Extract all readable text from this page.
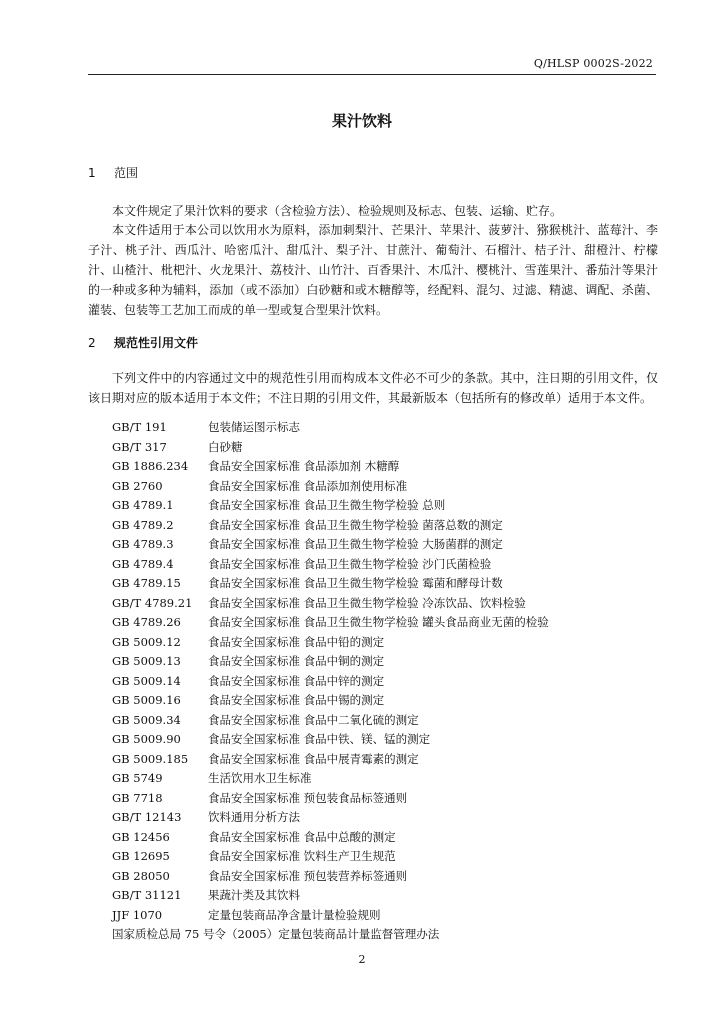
Q/HLSP 0002S-2022
果汁饮料
1 范围

本文件规定了果汁饮料的要求（含检验方法）、检验规则及标志、包装、运输、贮存。

本文件适用于本公司以饮用水为原料，添加刺梨汁、芒果汁、苹果汁、菠萝汁、猕猴桃汁、蓝莓汁、李子汁、桃子汁、西瓜汁、哈密瓜汁、甜瓜汁、梨子汁、甘蔗汁、葡萄汁、石榴汁、桔子汁、甜橙汁、柠檬汁、山楂汁、枇杷汁、火龙果汁、荔枝汁、山竹汁、百香果汁、木瓜汁、樱桃汁、雪莲果汁、番茄汁等果汁的一种或多种为辅料，添加（或不添加）白砂糖和或木糖醇等，经配料、混匀、过滤、精滤、调配、杀菌、灌装、包装等工艺加工而成的单一型或复合型果汁饮料。

2 规范性引用文件

下列文件中的内容通过文中的规范性引用而构成本文件必不可少的条款。其中，注日期的引用文件，仅该日期对应的版本适用于本文件；不注日期的引用文件，其最新版本（包括所有的修改单）适用于本文件。

GB/T 191	包装储运图示标志
GB/T 317	白砂糖
GB 1886.234 食品安全国家标准 食品添加剂 木糖醇
GB 2760	食品安全国家标准 食品添加剂使用标准
GB 4789.1	食品安全国家标准 食品卫生微生物学检验 总则
GB 4789.2	食品安全国家标准 食品卫生微生物学检验 菌落总数的测定
GB 4789.3	食品安全国家标准 食品卫生微生物学检验 大肠菌群的测定
GB 4789.4	食品安全国家标准 食品卫生微生物学检验 沙门氏菌检验
GB 4789.15 食品安全国家标准 食品卫生微生物学检验 霉菌和酵母计数
GB/T 4789.21 食品安全国家标准 食品卫生微生物学检验 冷冻饮品、饮料检验
GB 4789.26 食品安全国家标准 食品卫生微生物学检验 罐头食品商业无菌的检验
GB 5009.12 食品安全国家标准 食品中铅的测定
GB 5009.13 食品安全国家标准 食品中铜的测定
GB 5009.14 食品安全国家标准 食品中锌的测定
GB 5009.16 食品安全国家标准 食品中锡的测定
GB 5009.34 食品安全国家标准 食品中二氧化硫的测定
GB 5009.90 食品安全国家标准 食品中铁、镁、锰的测定
GB 5009.185 食品安全国家标准 食品中展青霉素的测定
GB 5749	生活饮用水卫生标准
GB 7718	食品安全国家标准 预包装食品标签通则
GB/T 12143 饮料通用分析方法
GB 12456	食品安全国家标准 食品中总酸的测定
GB 12695	食品安全国家标准 饮料生产卫生规范
GB 28050	食品安全国家标准 预包装营养标签通则
GB/T 31121 果蔬汁类及其饮料
JJF 1070	定量包装商品净含量计量检验规则
国家质检总局 75 号令（2005）定量包装商品计量监督管理办法
2
